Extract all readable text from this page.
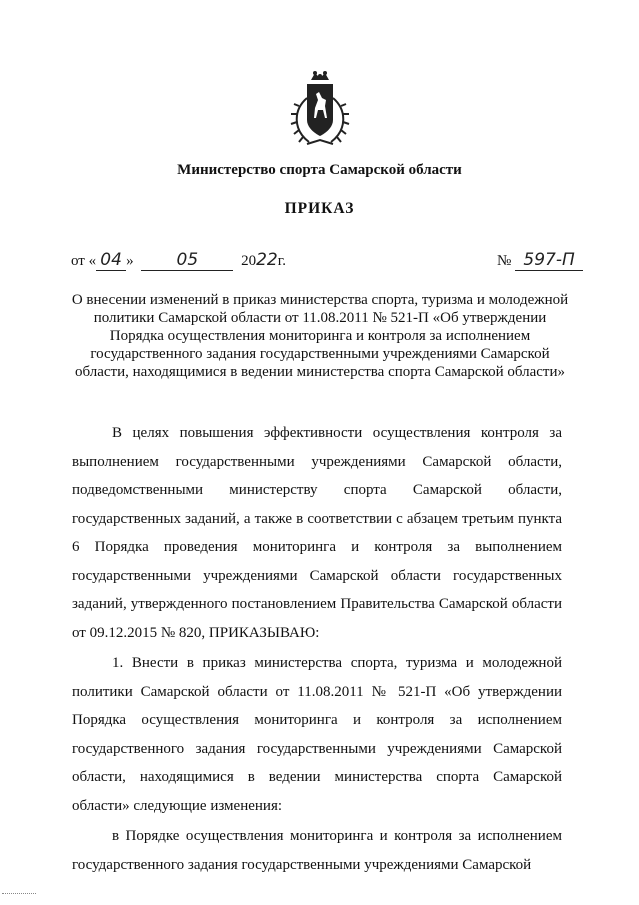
Министерство спорта Самарской области
ПРИКАЗ
от « 04 »	05	2022г.	№ 597-П
О внесении изменений в приказ министерства спорта, туризма и молодежной политики Самарской области от 11.08.2011 № 521-П «Об утверждении Порядка осуществления мониторинга и контроля за исполнением государственного задания государственными учреждениями Самарской области, находящимися в ведении министерства спорта Самарской области»

В целях повышения эффективности осуществления контроля за выполнением государственными учреждениями Самарской области, подведомственными министерству спорта Самарской области, государственных заданий, а также в соответствии с абзацем третьим пункта 6 Порядка проведения мониторинга и контроля за выполнением государственными учреждениями Самарской области государственных заданий, утвержденного постановлением Правительства Самарской области от 09.12.2015 № 820, ПРИКАЗЫВАЮ:

1. Внести в приказ министерства спорта, туризма и молодежной политики Самарской области от 11.08.2011 № 521-П «Об утверждении Порядка осуществления мониторинга и контроля за исполнением государственного задания государственными учреждениями Самарской области, находящимися в ведении министерства спорта Самарской области» следующие изменения:

в Порядке осуществления мониторинга и контроля за исполнением государственного задания государственными учреждениями Самарской
